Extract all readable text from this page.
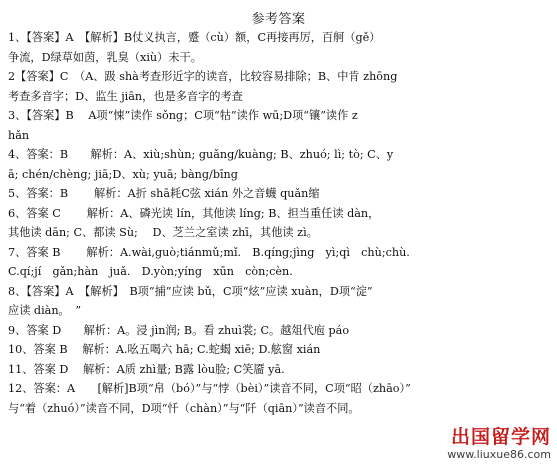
参考答案
1、【答案】A　【解析】B仗义执言，蹙（cù）额，C再接再厉，百舸（gě）
争流，D绿草如茵，乳臭（xiù）未干。
2【答案】C　（A、趿 shà考查形近字的读音，比较容易排除；B、中肯 zhōng
考查多音字；D、监生 jiān，也是多音字的考查
3、【答案】B　 A项“悚”读作 sǒng；C项“牯”读作 wū;D项“镶”读作 z
hǎn
4、答案：B　　解析：A、xiù;shùn; guǎng/kuàng; B、zhuó; lì; tò; C、y
ā; chén/chèng; jiā;D、xù; yuā; bàng/bīng
5、答案：B　　 解析：A折 shā耗C弦 xián 外之音蠛 quǎn缩
6、答案 C　　 解析：A、磷光读 lín，其他读 líng; B、担当重任读 dàn，
其他读 dān; C、都读 Sù;　 D、芝兰之室读 zhī，其他读 zì。
7、答案 B　　 解析：A.wài,guò;tiánmǔ;mǐ.　B.qíng;jìng　yì;qì　chù;chù.
C.qí;jí　gǎn;hàn　juǎ.　D.yòn;yíng　xūn　còn;cèn.
8、【答案】A　【解析】　B项“捕”应读 bǔ，C项“炫”应读 xuàn，D项“淀”
应读 diàn。　”
9、答案 D　　解析：A。浸 jìn润; B。看 zhuì裳; C。越俎代庖 páo
10、答案 B　 解析：A.吆五喝六 hā; C.蛇蝎 xiē; D.舷窗 xián
11、答案 D　 解析：A质 zhì量; B露 lòu脸; C笑靥 yā.
12、答案：A　　[解析]B项“帛（bó）”与“悖（bèi）”读音不同，C项“昭（zhāo）”
与“着（zhuó）”读音不同，D项“忏（chàn）”与“阡（qiān）”读音不同。
出国留学网
www.liuxue86.com
